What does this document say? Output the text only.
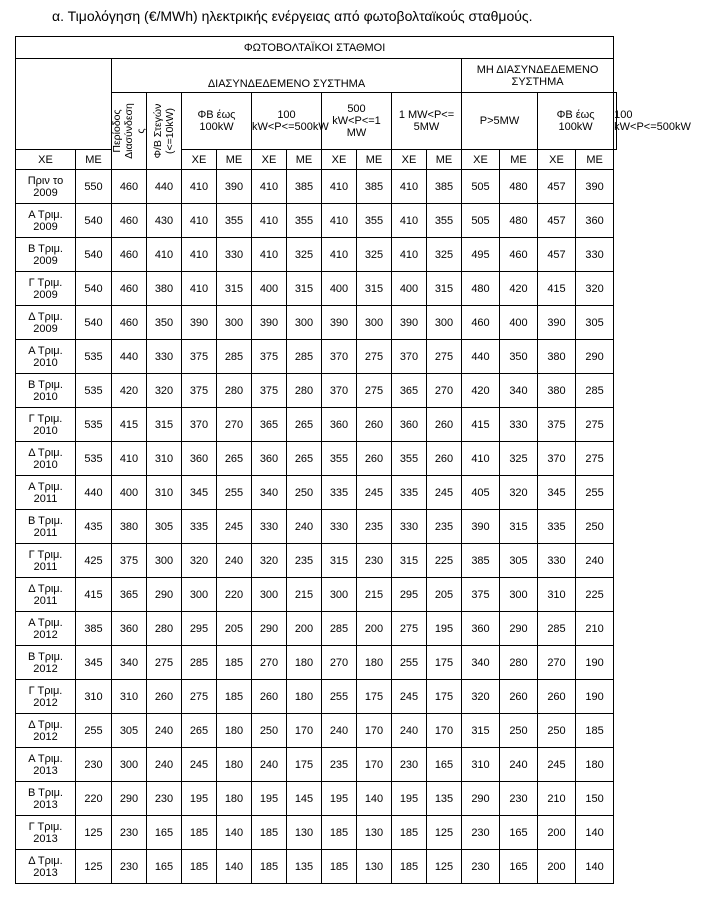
α. Τιμολόγηση (€/MWh) ηλεκτρικής ενέργειας από φωτοβολταϊκούς σταθμούς.
ΦΩΤΟΒΟΛΤΑΪΚΟΙ ΣΤΑΘΜΟΙ																
		ΔΙΑΣΥΝΔΕΔΕΜΕΝΟ ΣΥΣΤΗΜΑ										ΜΗ ΔΙΑΣΥΝΔΕΔΕΜΕΝΟ ΣΥΣΤΗΜΑ				

		Περίοδος Διασύνδεση ς	Φ/Β Στεγών (<=10kW)	ΦΒ έως 100kW		100 kW<P<=500kW		500 kW<P<=1 MW		1 MW<P<= 5MW		P>5MW		ΦΒ έως 100kW		100 kW<P<=500kW
ΧΕ	ΜΕ			ΧΕ	ΜΕ	ΧΕ	ΜΕ	ΧΕ	ΜΕ	ΧΕ	ΜΕ	ΧΕ	ΜΕ	ΧΕ	ΜΕ	

Πριν το
2009	550	460	440	410	390	410	385	410	385	410	385	505	480	457	390	

Α Τριμ.
2009	540	460	430	410	355	410	355	410	355	410	355	505	480	457	360	

Β Τριμ.
2009	540	460	410	410	330	410	325	410	325	410	325	495	460	457	330	

Γ Τριμ.
2009	540	460	380	410	315	400	315	400	315	400	315	480	420	415	320	

Δ Τριμ.
2009	540	460	350	390	300	390	300	390	300	390	300	460	400	390	305	

Α Τριμ.
2010	535	440	330	375	285	375	285	370	275	370	275	440	350	380	290	

Β Τριμ.
2010	535	420	320	375	280	375	280	370	275	365	270	420	340	380	285	

Γ Τριμ.
2010	535	415	315	370	270	365	265	360	260	360	260	415	330	375	275	

Δ Τριμ.
2010	535	410	310	360	265	360	265	355	260	355	260	410	325	370	275	

Α Τριμ.
2011	440	400	310	345	255	340	250	335	245	335	245	405	320	345	255	

Β Τριμ.
2011	435	380	305	335	245	330	240	330	235	330	235	390	315	335	250	

Γ Τριμ.
2011	425	375	300	320	240	320	235	315	230	315	225	385	305	330	240	

Δ Τριμ.
2011	415	365	290	300	220	300	215	300	215	295	205	375	300	310	225	

Α Τριμ.
2012	385	360	280	295	205	290	200	285	200	275	195	360	290	285	210	

Β Τριμ.
2012	345	340	275	285	185	270	180	270	180	255	175	340	280	270	190	

Γ Τριμ.
2012	310	310	260	275	185	260	180	255	175	245	175	320	260	260	190	

Δ Τριμ.
2012	255	305	240	265	180	250	170	240	170	240	170	315	250	250	185	

Α Τριμ.
2013	230	300	240	245	180	240	175	235	170	230	165	310	240	245	180	

Β Τριμ.
2013	220	290	230	195	180	195	145	195	140	195	135	290	230	210	150	

Γ Τριμ.
2013	125	230	165	185	140	185	130	185	130	185	125	230	165	200	140	

Δ Τριμ.
2013	125	230	165	185	140	185	135	185	130	185	125	230	165	200	140	
